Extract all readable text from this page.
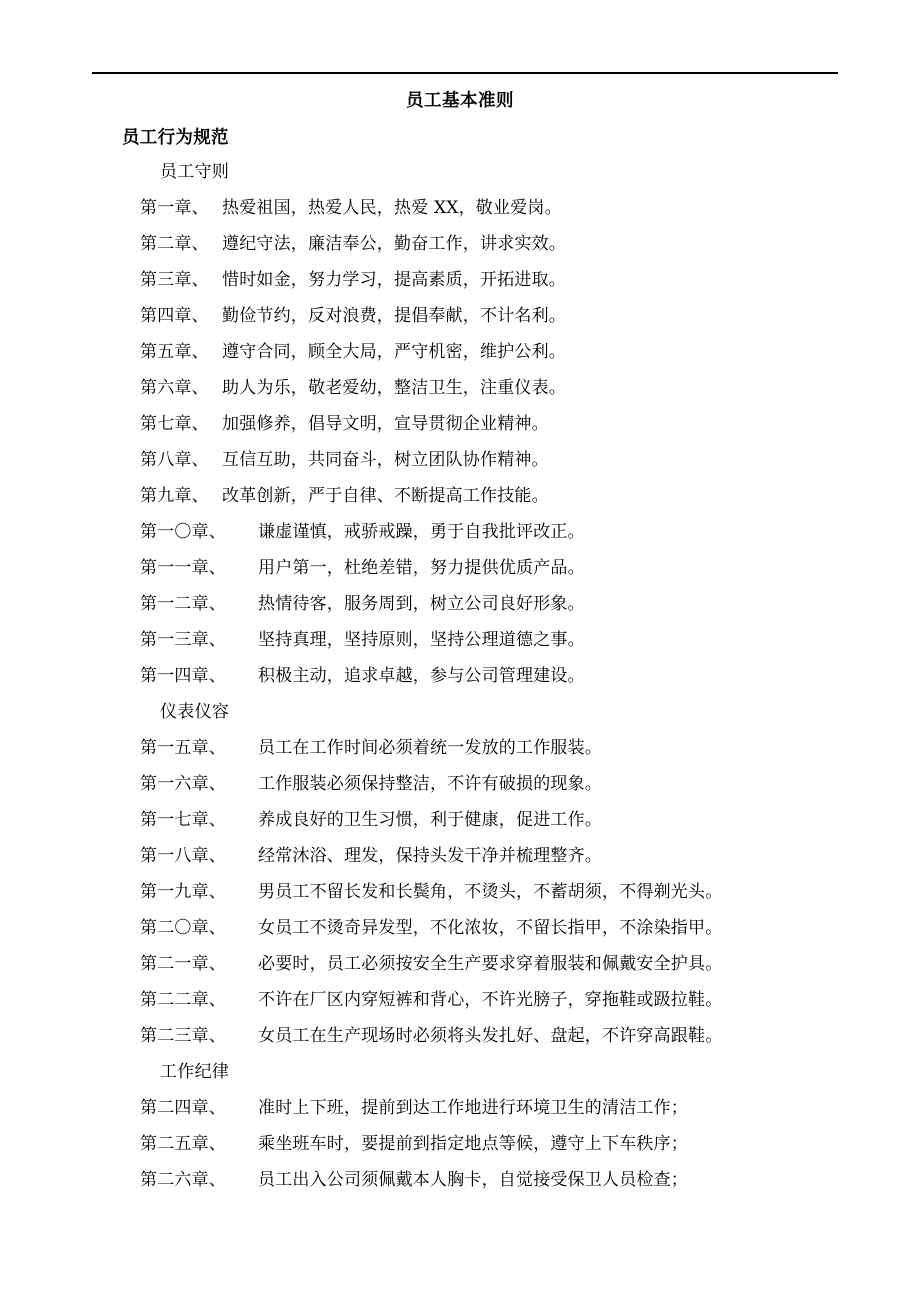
员工基本准则
员工行为规范
员工守则
第一章、 热爱祖国，热爱人民，热爱 XX，敬业爱岗。
第二章、 遵纪守法，廉洁奉公，勤奋工作，讲求实效。
第三章、 惜时如金，努力学习，提高素质，开拓进取。
第四章、 勤俭节约，反对浪费，提倡奉献，不计名利。
第五章、 遵守合同，顾全大局，严守机密，维护公利。
第六章、 助人为乐，敬老爱幼，整洁卫生，注重仪表。
第七章、 加强修养，倡导文明，宣导贯彻企业精神。
第八章、 互信互助，共同奋斗，树立团队协作精神。
第九章、 改革创新，严于自律、不断提高工作技能。
第一〇章、 谦虚谨慎，戒骄戒躁，勇于自我批评改正。
第一一章、 用户第一，杜绝差错，努力提供优质产品。
第一二章、 热情待客，服务周到，树立公司良好形象。
第一三章、 坚持真理，坚持原则，坚持公理道德之事。
第一四章、 积极主动，追求卓越，参与公司管理建设。
仪表仪容
第一五章、 员工在工作时间必须着统一发放的工作服装。
第一六章、 工作服装必须保持整洁，不许有破损的现象。
第一七章、 养成良好的卫生习惯，利于健康，促进工作。
第一八章、 经常沐浴、理发，保持头发干净并梳理整齐。
第一九章、 男员工不留长发和长鬓角，不烫头，不蓄胡须，不得剃光头。
第二〇章、 女员工不烫奇异发型，不化浓妆，不留长指甲，不涂染指甲。
第二一章、 必要时，员工必须按安全生产要求穿着服装和佩戴安全护具。
第二二章、 不许在厂区内穿短裤和背心，不许光膀子，穿拖鞋或趿拉鞋。
第二三章、 女员工在生产现场时必须将头发扎好、盘起，不许穿高跟鞋。
工作纪律
第二四章、 准时上下班，提前到达工作地进行环境卫生的清洁工作；
第二五章、 乘坐班车时，要提前到指定地点等候，遵守上下车秩序；
第二六章、 员工出入公司须佩戴本人胸卡，自觉接受保卫人员检查；
